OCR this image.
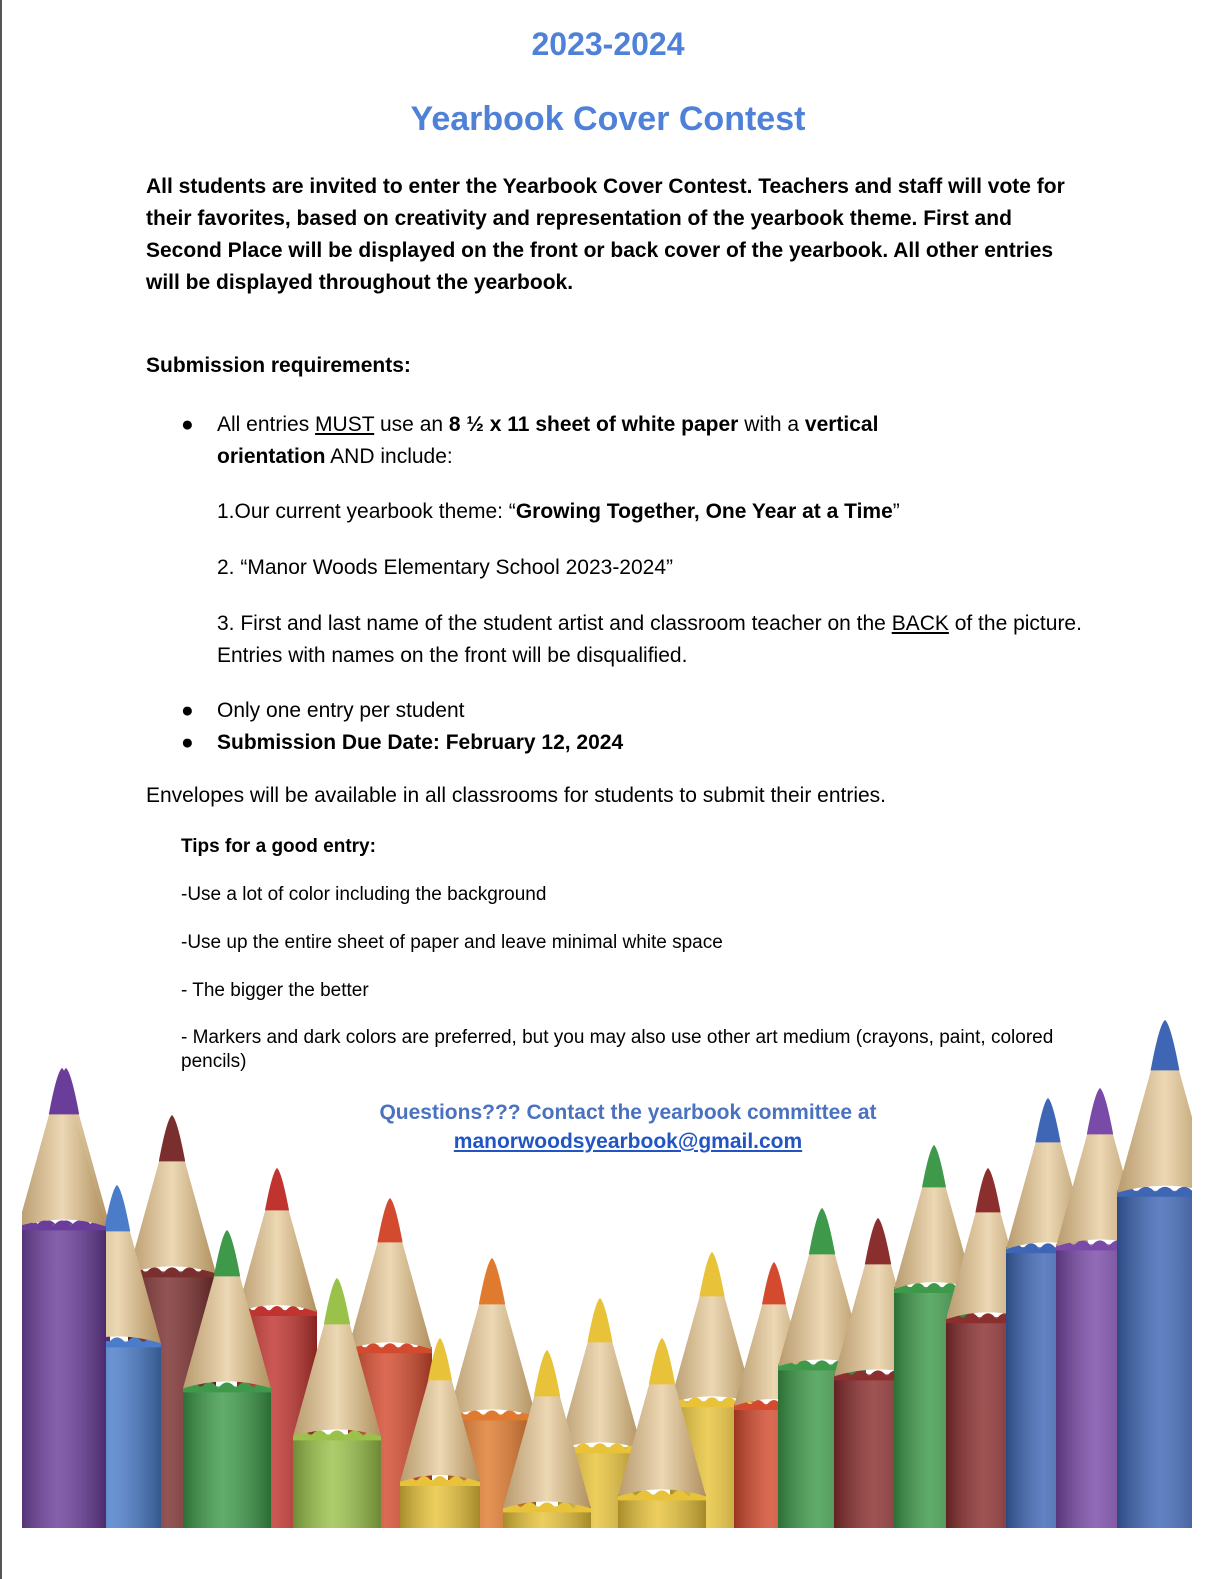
2023-2024
Yearbook Cover Contest

All students are invited to enter the Yearbook Cover Contest. Teachers and staff will vote for their favorites, based on creativity and representation of the yearbook theme. First and Second Place will be displayed on the front or back cover of the yearbook. All other entries will be displayed throughout the yearbook.

Submission requirements:

● All entries MUST use an 8 ½ x 11 sheet of white paper with a vertical
orientation AND include:

1.Our current yearbook theme: “Growing Together, One Year at a Time”

2. “Manor Woods Elementary School 2023-2024”

3. First and last name of the student artist and classroom teacher on the BACK of the picture. Entries with names on the front will be disqualified.

● Only one entry per student
● Submission Due Date: February 12, 2024

Envelopes will be available in all classrooms for students to submit their entries.

Tips for a good entry:

-Use a lot of color including the background

-Use up the entire sheet of paper and leave minimal white space

- The bigger the better

- Markers and dark colors are preferred, but you may also use other art medium (crayons, paint, colored pencils)

Questions??? Contact the yearbook committee at
manorwoodsyearbook@gmail.com
